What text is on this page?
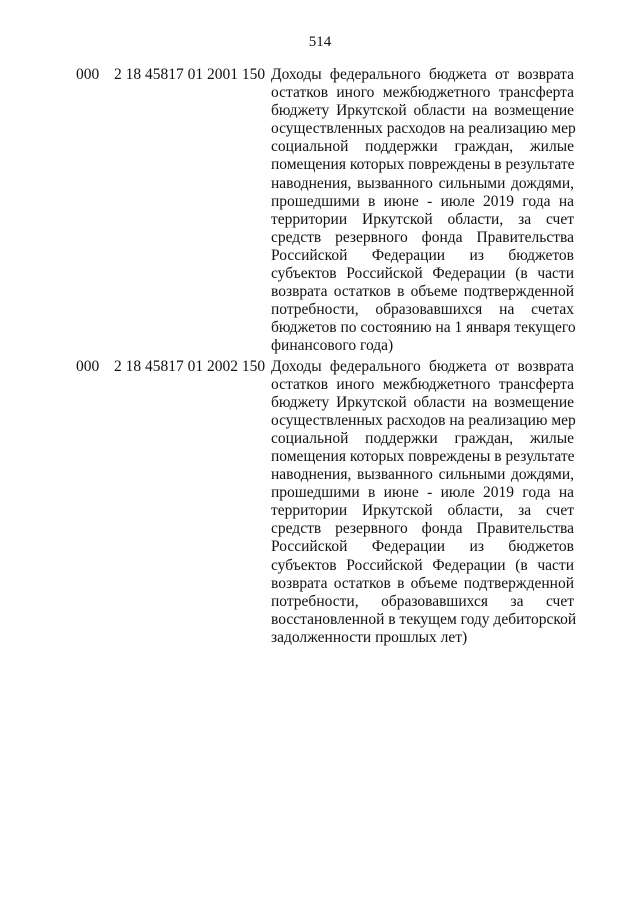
514
000 2 18 45817 01 2001 150 Доходы федерального бюджета от возврата
остатков иного межбюджетного трансферта
бюджету Иркутской области на возмещение
осуществленных расходов на реализацию мер
социальной поддержки граждан, жилые
помещения которых повреждены в результате
наводнения, вызванного сильными дождями,
прошедшими в июне - июле 2019 года на
территории Иркутской области, за счет
средств резервного фонда Правительства
Российской Федерации из бюджетов
субъектов Российской Федерации (в части
возврата остатков в объеме подтвержденной
потребности, образовавшихся на счетах
бюджетов по состоянию на 1 января текущего
финансового года)
000 2 18 45817 01 2002 150 Доходы федерального бюджета от возврата
остатков иного межбюджетного трансферта
бюджету Иркутской области на возмещение
осуществленных расходов на реализацию мер
социальной поддержки граждан, жилые
помещения которых повреждены в результате
наводнения, вызванного сильными дождями,
прошедшими в июне - июле 2019 года на
территории Иркутской области, за счет
средств резервного фонда Правительства
Российской Федерации из бюджетов
субъектов Российской Федерации (в части
возврата остатков в объеме подтвержденной
потребности, образовавшихся за счет
восстановленной в текущем году дебиторской
задолженности прошлых лет)
